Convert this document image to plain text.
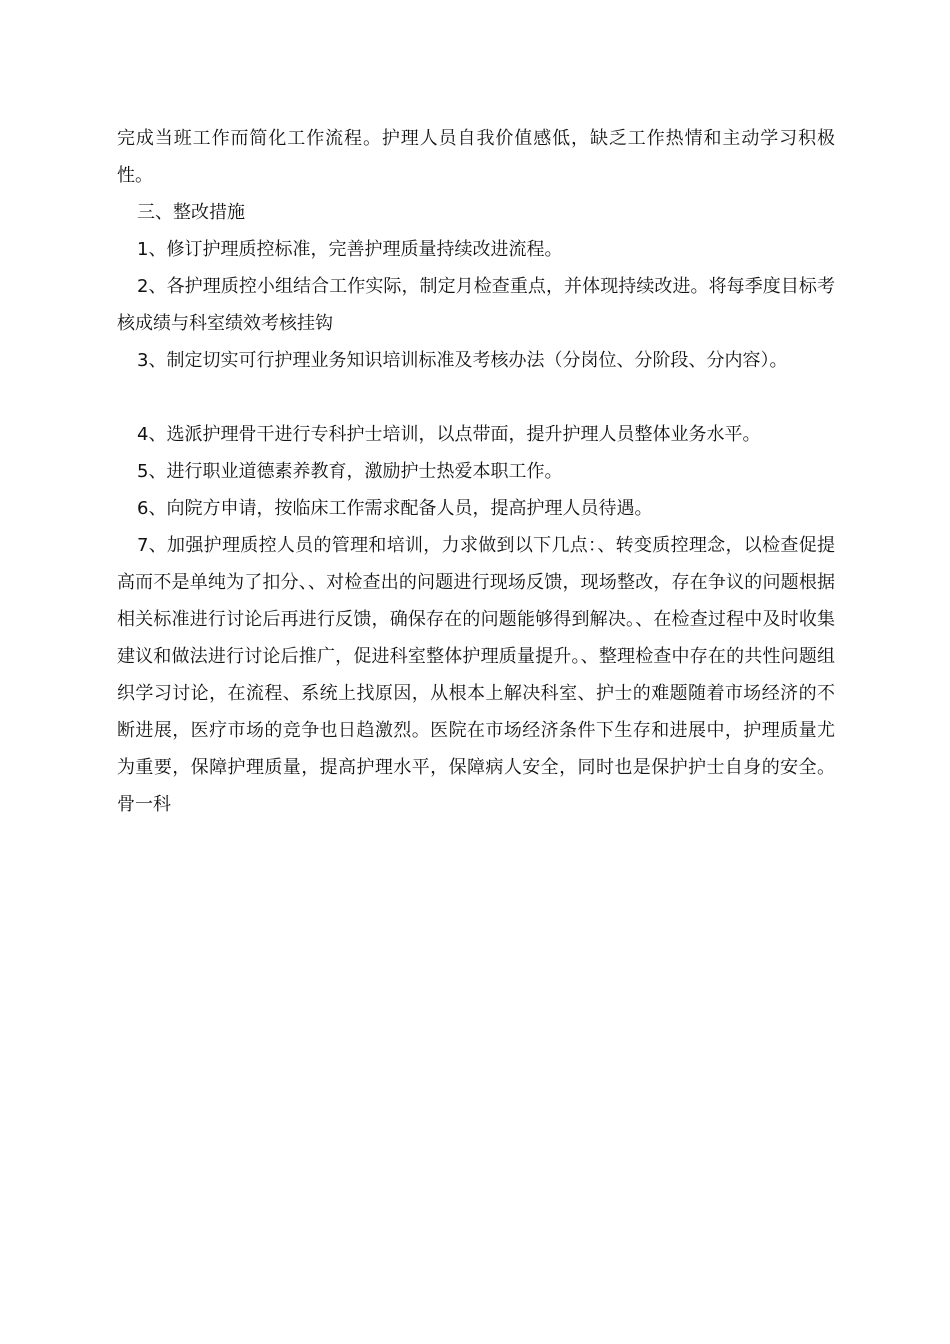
完成当班工作而简化工作流程。护理人员自我价值感低，缺乏工作热情和主动学习积极性。

三、整改措施

1、修订护理质控标准，完善护理质量持续改进流程。

2、各护理质控小组结合工作实际，制定月检查重点，并体现持续改进。将每季度目标考核成绩与科室绩效考核挂钩

3、制定切实可行护理业务知识培训标准及考核办法（分岗位、分阶段、分内容）。

4、选派护理骨干进行专科护士培训，以点带面，提升护理人员整体业务水平。

5、进行职业道德素养教育，激励护士热爱本职工作。

6、向院方申请，按临床工作需求配备人员，提高护理人员待遇。

7、加强护理质控人员的管理和培训，力求做到以下几点：、转变质控理念，以检查促提高而不是单纯为了扣分、、对检查出的问题进行现场反馈，现场整改，存在争议的问题根据相关标准进行讨论后再进行反馈，确保存在的问题能够得到解决。、在检查过程中及时收集建议和做法进行讨论后推广，促进科室整体护理质量提升。、整理检查中存在的共性问题组织学习讨论，在流程、系统上找原因，从根本上解决科室、护士的难题随着市场经济的不断进展，医疗市场的竞争也日趋激烈。医院在市场经济条件下生存和进展中，护理质量尤为重要，保障护理质量，提高护理水平，保障病人安全，同时也是保护护士自身的安全。骨一科
